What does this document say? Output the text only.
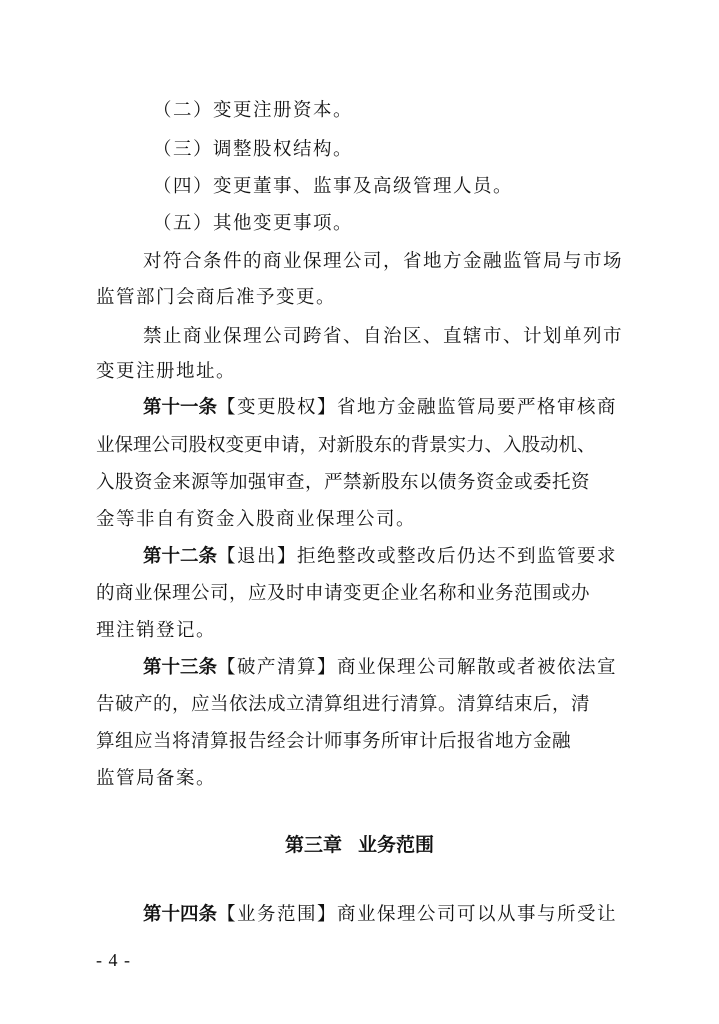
（二）变更注册资本。
（三）调整股权结构。
（四）变更董事、监事及高级管理人员。
（五）其他变更事项。
对符合条件的商业保理公司，省地方金融监管局与市场
监管部门会商后准予变更。
禁止商业保理公司跨省、自治区、直辖市、计划单列市
变更注册地址。
第十一条【变更股权】省地方金融监管局要严格审核商
业保理公司股权变更申请，对新股东的背景实力、入股动机、
入股资金来源等加强审查，严禁新股东以债务资金或委托资
金等非自有资金入股商业保理公司。
第十二条【退出】拒绝整改或整改后仍达不到监管要求
的商业保理公司，应及时申请变更企业名称和业务范围或办
理注销登记。
第十三条【破产清算】商业保理公司解散或者被依法宣
告破产的，应当依法成立清算组进行清算。清算结束后，清
算组应当将清算报告经会计师事务所审计后报省地方金融
监管局备案。
第三章 业务范围
第十四条【业务范围】商业保理公司可以从事与所受让
- 4 -
